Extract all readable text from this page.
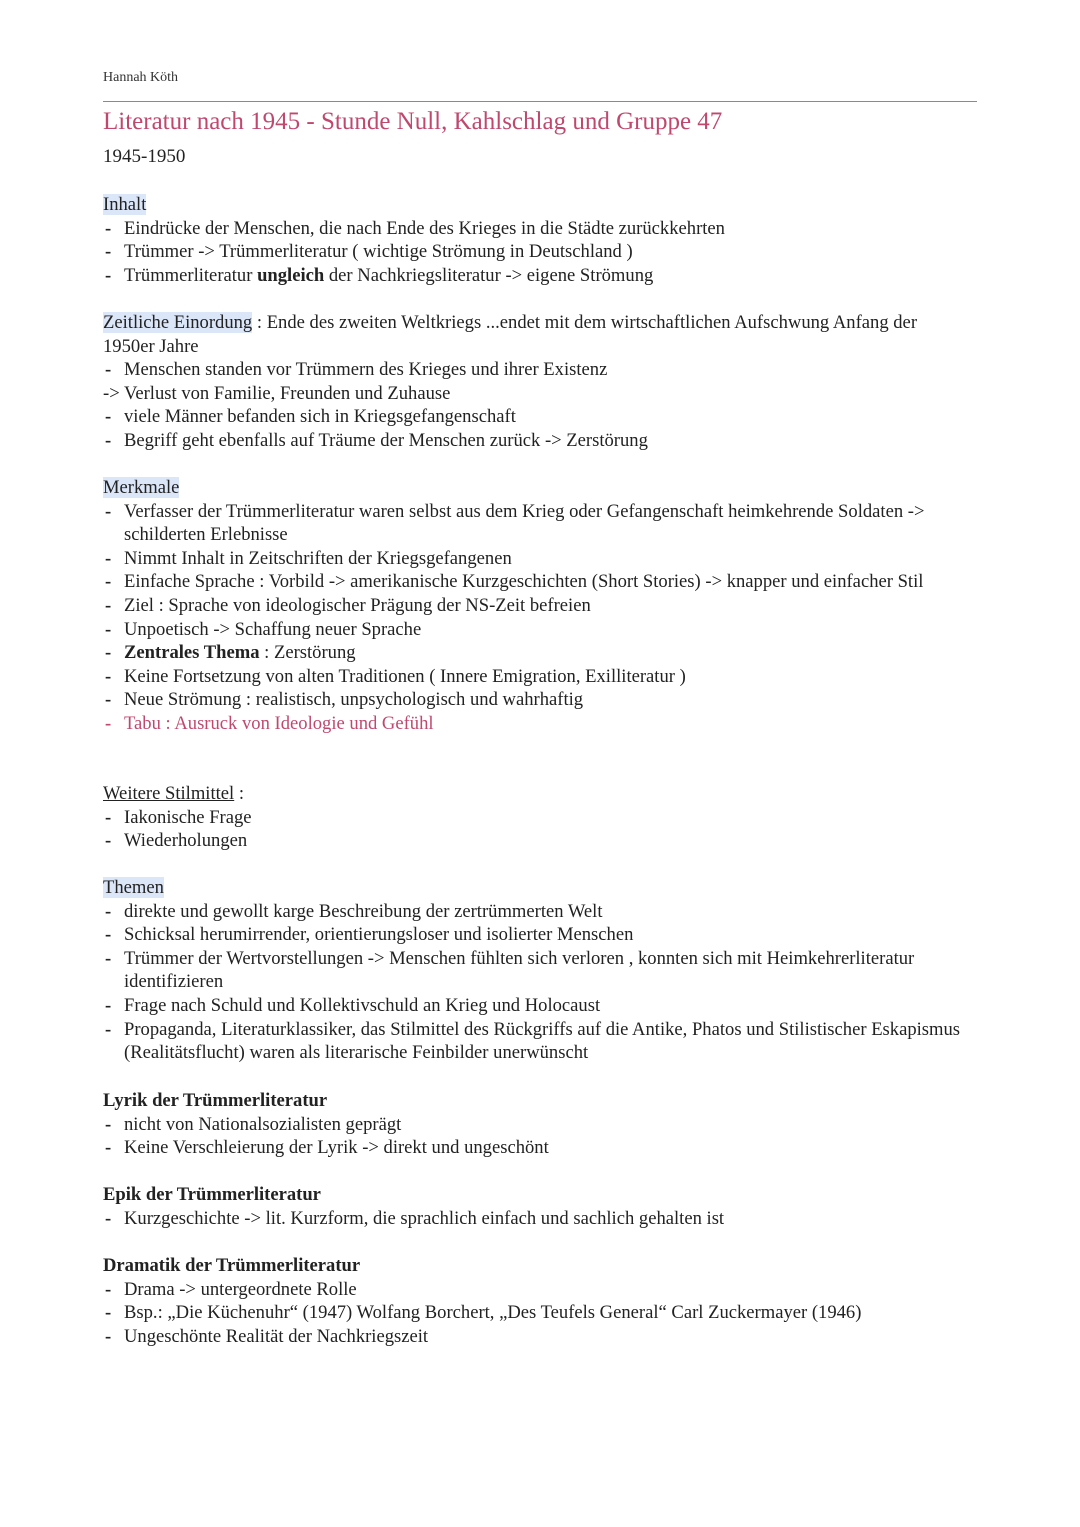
Hannah Köth
Literatur nach 1945 - Stunde Null, Kahlschlag und Gruppe 47
1945-1950
Inhalt
- Eindrücke der Menschen, die nach Ende des Krieges in die Städte zurückkehrten
- Trümmer -> Trümmerliteratur ( wichtige Strömung in Deutschland )
- Trümmerliteratur ungleich der Nachkriegsliteratur -> eigene Strömung
Zeitliche Einordung : Ende des zweiten Weltkriegs ...endet mit dem wirtschaftlichen Aufschwung Anfang der 1950er Jahre
- Menschen standen vor Trümmern des Krieges und ihrer Existenz
-> Verlust von Familie, Freunden und Zuhause
- viele Männer befanden sich in Kriegsgefangenschaft
- Begriff geht ebenfalls auf Träume der Menschen zurück -> Zerstörung
Merkmale
- Verfasser der Trümmerliteratur waren selbst aus dem Krieg oder Gefangenschaft heimkehrende Soldaten -> schilderten Erlebnisse
- Nimmt Inhalt in Zeitschriften der Kriegsgefangenen
- Einfache Sprache : Vorbild -> amerikanische Kurzgeschichten (Short Stories) -> knapper und einfacher Stil
- Ziel : Sprache von ideologischer Prägung der NS-Zeit befreien
- Unpoetisch -> Schaffung neuer Sprache
- Zentrales Thema : Zerstörung
- Keine Fortsetzung von alten Traditionen ( Innere Emigration, Exilliteratur )
- Neue Strömung : realistisch, unpsychologisch und wahrhaftig
- Tabu : Ausruck von Ideologie und Gefühl
Weitere Stilmittel :
- Iakonische Frage
- Wiederholungen
Themen
- direkte und gewollt karge Beschreibung der zertrümmerten Welt
- Schicksal herumirrender, orientierungsloser und isolierter Menschen
- Trümmer der Wertvorstellungen -> Menschen fühlten sich verloren , konnten sich mit Heimkehrerliteratur identifizieren
- Frage nach Schuld und Kollektivschuld an Krieg und Holocaust
- Propaganda, Literaturklassiker, das Stilmittel des Rückgriffs auf die Antike, Phatos und Stilistischer Eskapismus (Realitätsflucht) waren als literarische Feinbilder unerwünscht
Lyrik der Trümmerliteratur
- nicht von Nationalsozialisten geprägt
- Keine Verschleierung der Lyrik -> direkt und ungeschönt
Epik der Trümmerliteratur
- Kurzgeschichte -> lit. Kurzform, die sprachlich einfach und sachlich gehalten ist
Dramatik der Trümmerliteratur
- Drama -> untergeordnete Rolle
- Bsp.: „Die Küchenuhr“ (1947) Wolfang Borchert, „Des Teufels General“ Carl Zuckermayer (1946)
- Ungeschönte Realität der Nachkriegszeit
